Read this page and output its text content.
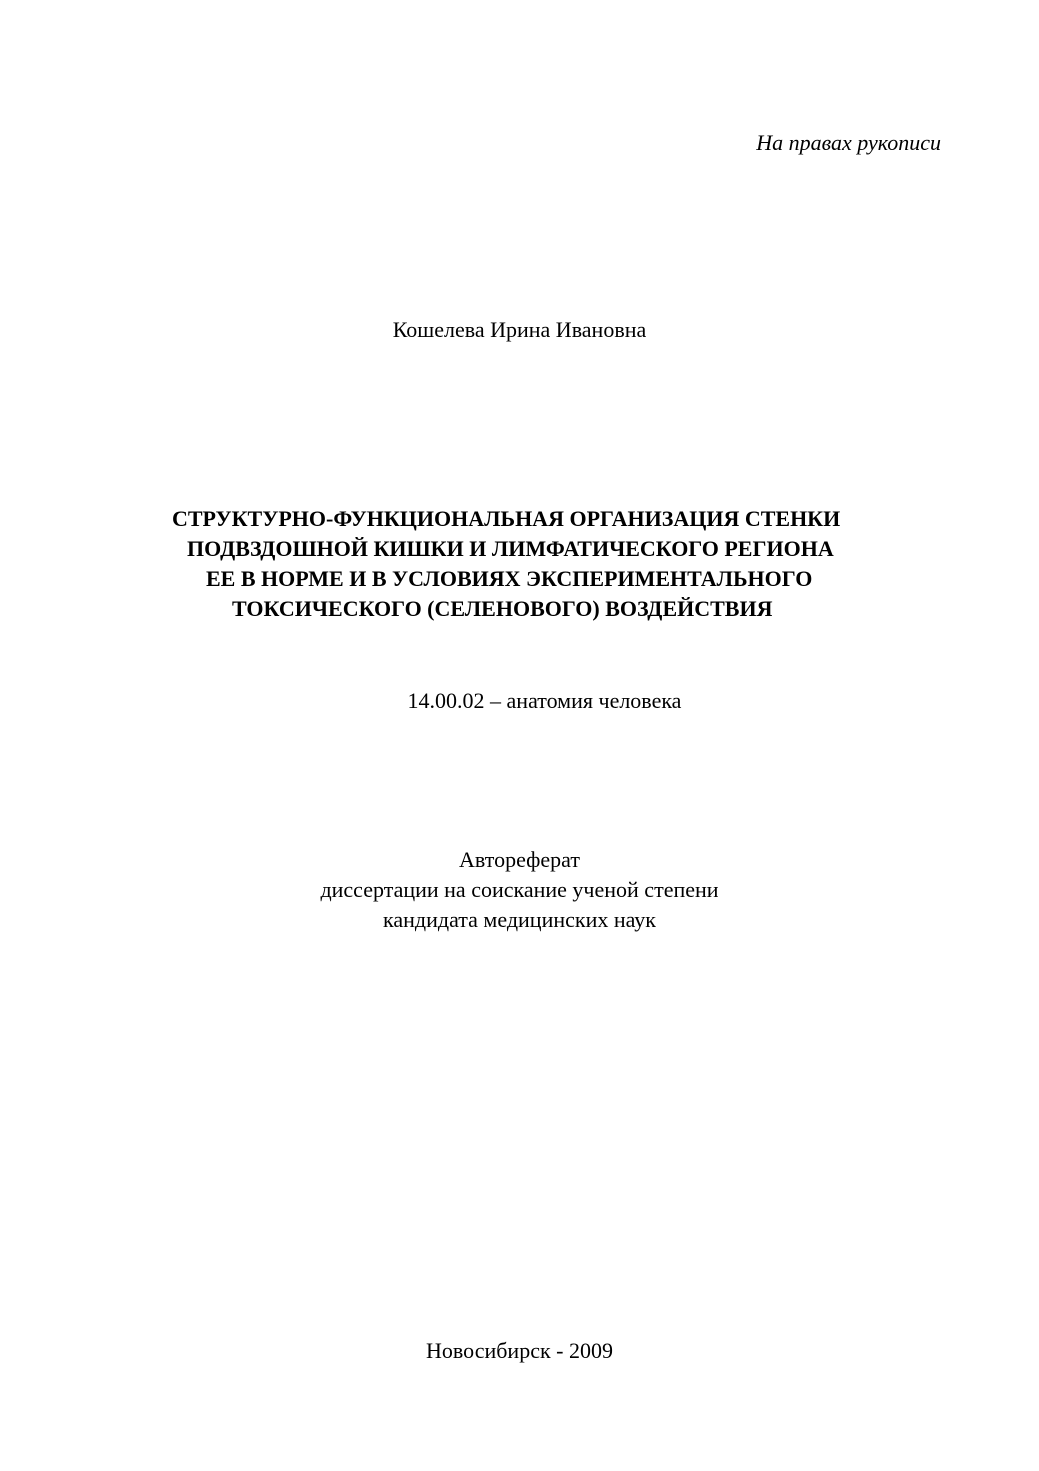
На правах рукописи
Кошелева Ирина Ивановна
СТРУКТУРНО-ФУНКЦИОНАЛЬНАЯ ОРГАНИЗАЦИЯ СТЕНКИ
ПОДВЗДОШНОЙ КИШКИ И ЛИМФАТИЧЕСКОГО РЕГИОНА
ЕЕ В НОРМЕ И В УСЛОВИЯХ ЭКСПЕРИМЕНТАЛЬНОГО
ТОКСИЧЕСКОГО (СЕЛЕНОВОГО) ВОЗДЕЙСТВИЯ
14.00.02 – анатомия человека
Автореферат
диссертации на соискание ученой степени
кандидата медицинских наук
Новосибирск - 2009
